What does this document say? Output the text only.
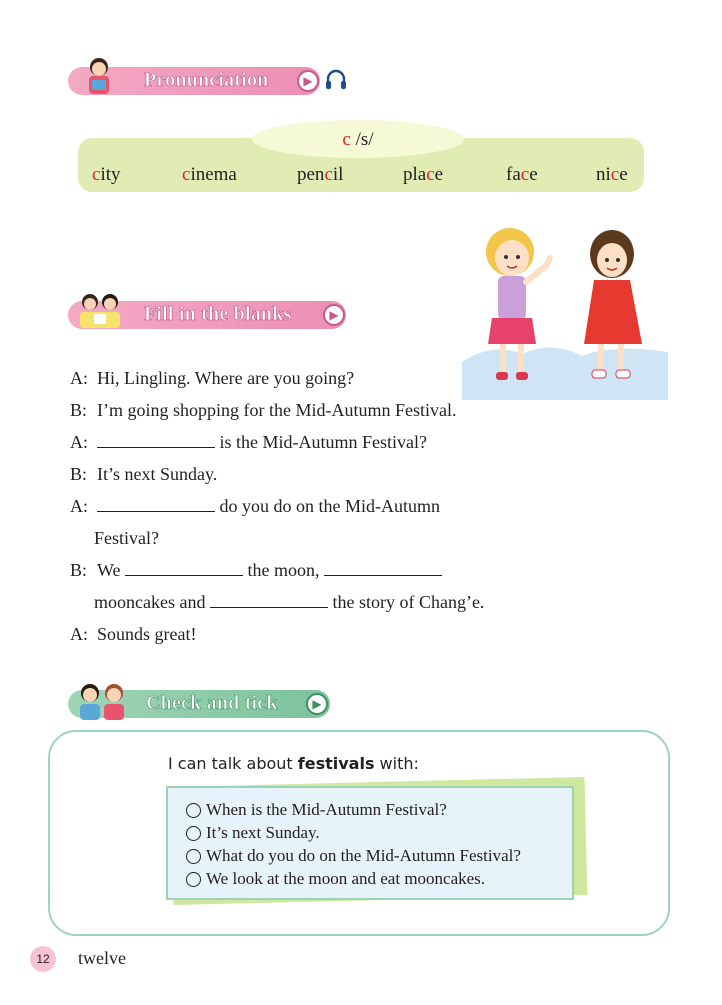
Pronunciation	▶
c /s/
city	cinema	pencil	place	face	nice
Fill in the blanks	▶
A: Hi, Lingling. Where are you going?
B: I’m going shopping for the Mid-Autumn Festival.
A:	is the Mid-Autumn Festival?
B: It’s next Sunday.
A:	do you do on the Mid-Autumn
Festival?
B: We	the moon,
mooncakes and	the story of Chang’e.
A: Sounds great!
Check and tick	▶
I can talk about festivals with:
When is the Mid-Autumn Festival?
It’s next Sunday.
What do you do on the Mid-Autumn Festival?
We look at the moon and eat mooncakes.
12	twelve
